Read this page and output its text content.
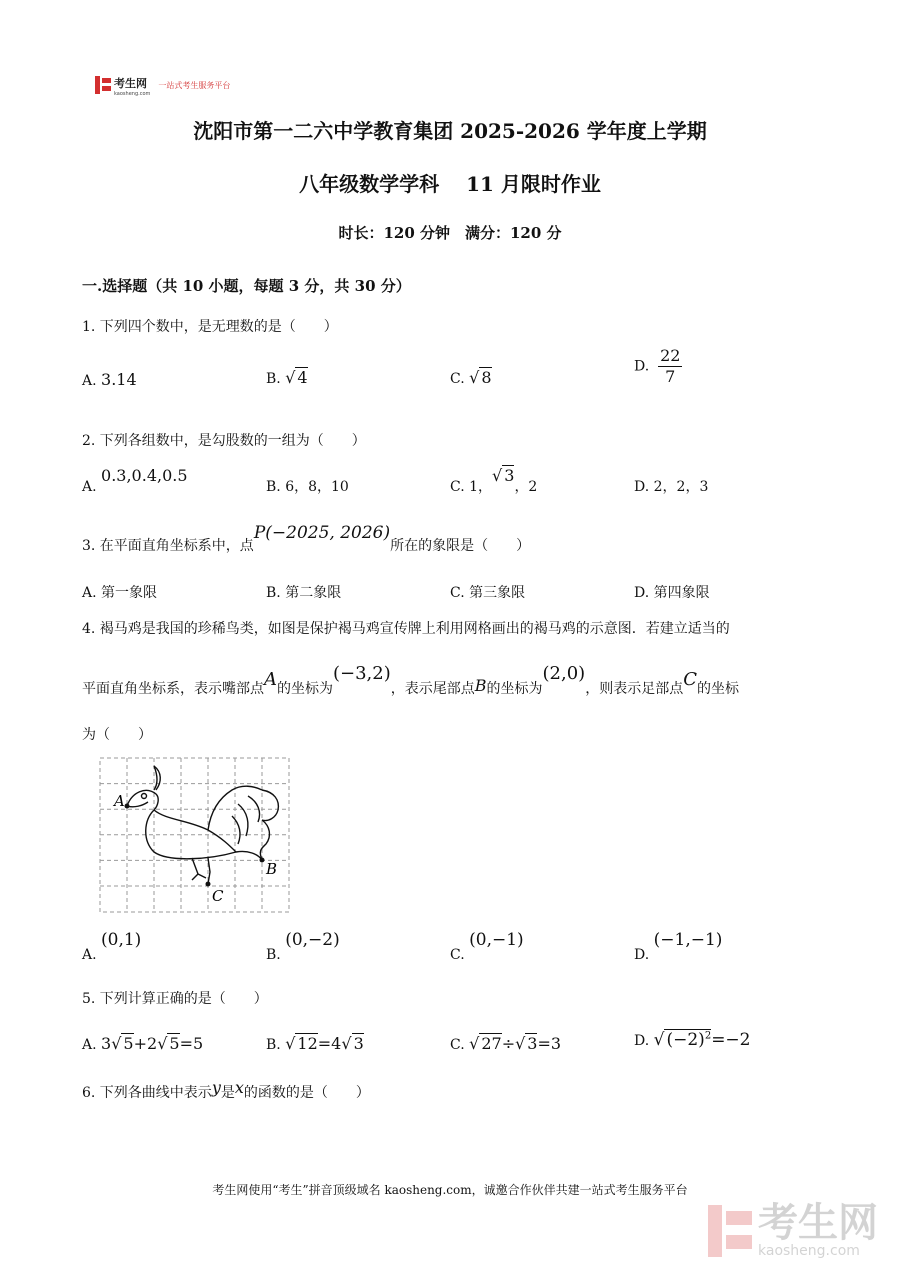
考生网
kaosheng.com
一站式考生服务平台
沈阳市第一二六中学教育集团 2025-2026 学年度上学期
八年级数学学科　 11 月限时作业
时长：120 分钟　满分：120 分
一.选择题（共 10 小题，每题 3 分，共 30 分）
1. 下列四个数中，是无理数的是（　　）
A. 3.14	B. √ 4	C. √ 8
D. $\frac{22}{7}$
2. 下列各组数中，是勾股数的一组为（　　）
A. 0.3,0.4,0.5
B. 6，8，10	C. 1，√ 3，2	D. 2，2，3
3. 在平面直角坐标系中，点P(−2025, 2026)所在的象限是（　　）
A. 第一象限	B. 第二象限	C. 第三象限	D. 第四象限
4. 褐马鸡是我国的珍稀鸟类，如图是保护褐马鸡宣传牌上利用网格画出的褐马鸡的示意图．若建立适当的
平面直角坐标系，表示嘴部点A的坐标为(−3,2)，表示尾部点B的坐标为(2,0)，则表示足部点C的坐标
为（　　）
A
B
C
A. (0,1)
B. (0,−2)
C. (0,−1)
D. (−1,−1)
5. 下列计算正确的是（　　）
A. 3√ 5+2√ 5=5	B. √ 12=4√ 3	C. √ 27÷√ 3=3	D. √ $(-2)^2=-2$
6. 下列各曲线中表示y是x的函数的是（　　）
考生网使用“考生”拼音顶级域名 kaosheng.com，诚邀合作伙伴共建一站式考生服务平台
考生网
kaosheng.com
